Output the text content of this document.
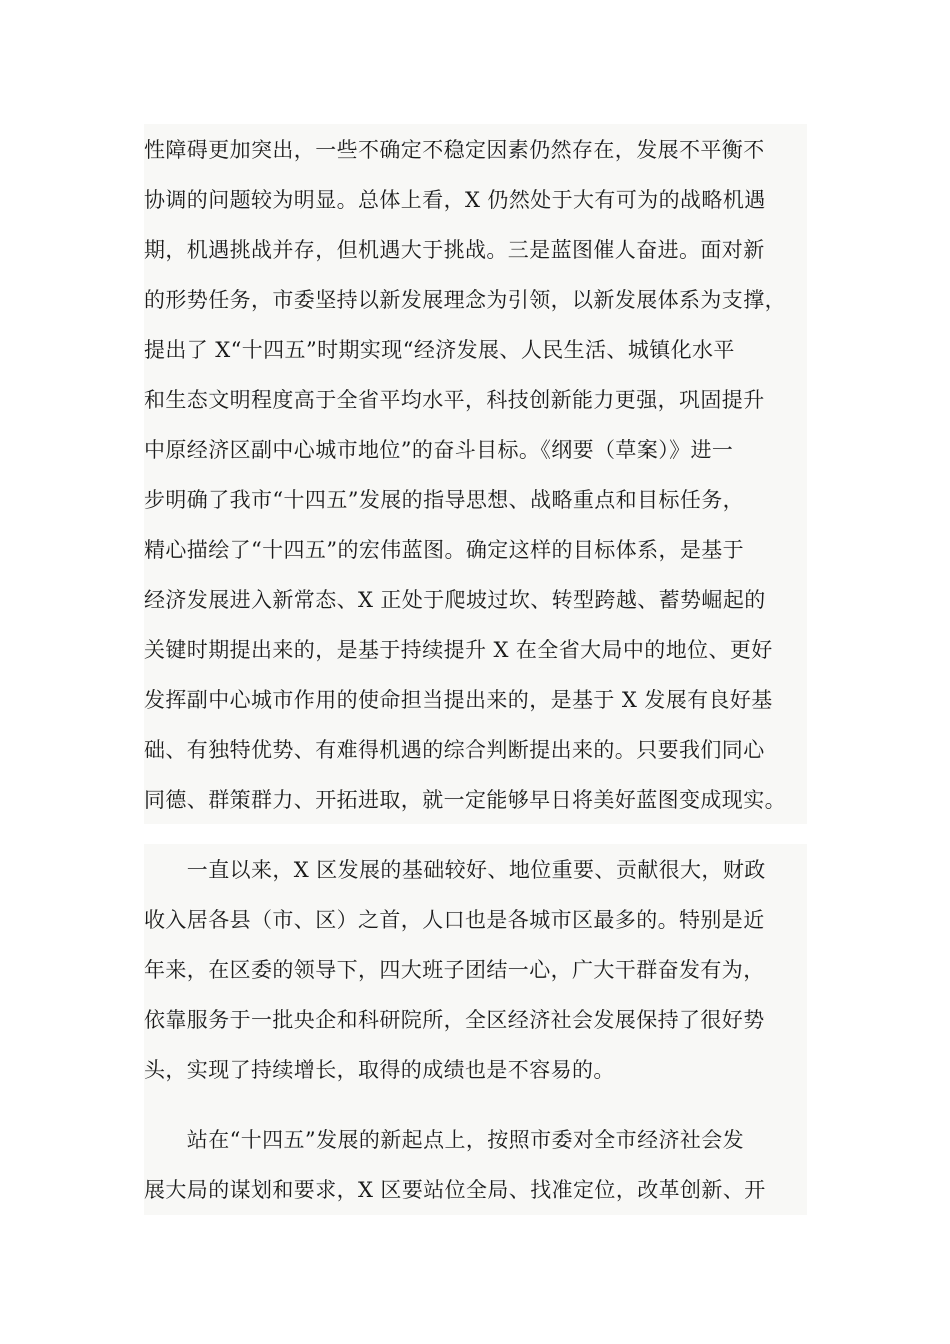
性障碍更加突出，一些不确定不稳定因素仍然存在，发展不平衡不
协调的问题较为明显。总体上看，X 仍然处于大有可为的战略机遇
期，机遇挑战并存，但机遇大于挑战。三是蓝图催人奋进。面对新
的形势任务，市委坚持以新发展理念为引领，以新发展体系为支撑，
提出了 X“十四五”时期实现“经济发展、人民生活、城镇化水平
和生态文明程度高于全省平均水平，科技创新能力更强，巩固提升
中原经济区副中心城市地位”的奋斗目标。《纲要（草案）》进一
步明确了我市“十四五”发展的指导思想、战略重点和目标任务，
精心描绘了“十四五”的宏伟蓝图。确定这样的目标体系，是基于
经济发展进入新常态、X 正处于爬坡过坎、转型跨越、蓄势崛起的
关键时期提出来的，是基于持续提升 X 在全省大局中的地位、更好
发挥副中心城市作用的使命担当提出来的，是基于 X 发展有良好基
础、有独特优势、有难得机遇的综合判断提出来的。只要我们同心
同德、群策群力、开拓进取，就一定能够早日将美好蓝图变成现实。
　　一直以来，X 区发展的基础较好、地位重要、贡献很大，财政
收入居各县（市、区）之首，人口也是各城市区最多的。特别是近
年来，在区委的领导下，四大班子团结一心，广大干群奋发有为，
依靠服务于一批央企和科研院所，全区经济社会发展保持了很好势
头，实现了持续增长，取得的成绩也是不容易的。
　　站在“十四五”发展的新起点上，按照市委对全市经济社会发
展大局的谋划和要求，X 区要站位全局、找准定位，改革创新、开
